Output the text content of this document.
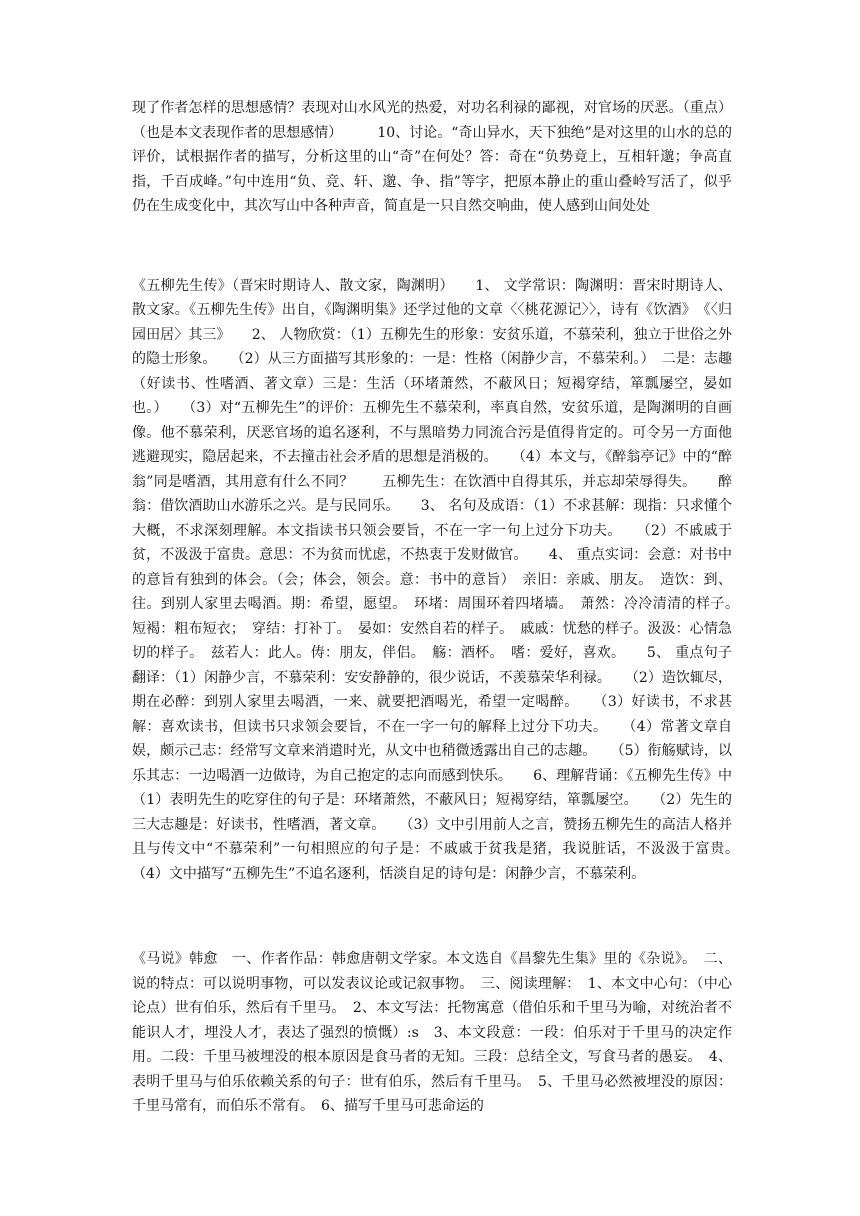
现了作者怎样的思想感情？表现对山水风光的热爱，对功名利禄的鄙视，对官场的厌恶。（重点）（也是本文表现作者的思想感情）　　　10、讨论。“奇山异水，天下独绝”是对这里的山水的总的评价，试根据作者的描写，分析这里的山“奇”在何处？答：奇在“负势竟上，互相轩邈；争高直指，千百成峰。”句中连用“负、竞、轩、邈、争、指”等字，把原本静止的重山叠岭写活了，似乎仍在生成变化中，其次写山中各种声音，简直是一只自然交响曲，使人感到山间处处

《五柳先生传》（晋宋时期诗人、散文家，陶渊明）　　1、 文学常识：陶渊明：晋宋时期诗人、散文家。《五柳先生传》出自，《陶渊明集》还学过他的文章〈〈桃花源记〉〉，诗有《饮酒》　《〈归园田居〉其三》　　2、 人物欣赏：（1）五柳先生的形象：安贫乐道，不慕荣利，独立于世俗之外的隐士形象。　　（2）从三方面描写其形象的：一是：性格（闲静少言，不慕荣利。）　二是：志趣（好读书、性嗜酒、著文章）三是：生活（环堵萧然，不蔽风日；短褐穿结，箪瓢屡空，晏如也。）　　（3）对“五柳先生”的评价：五柳先生不慕荣利，率真自然，安贫乐道，是陶渊明的自画像。他不慕荣利，厌恶官场的追名逐利，不与黑暗势力同流合污是值得肯定的。可令另一方面他逃避现实，隐居起来，不去撞击社会矛盾的思想是消极的。　　（4）本文与，《醉翁亭记》中的“醉翁”同是嗜酒，其用意有什么不同？　　五柳先生：在饮酒中自得其乐，并忘却荣辱得失。　　醉翁：借饮酒助山水游乐之兴。是与民同乐。　　3、 名句及成语：（1）不求甚解：现指：只求懂个大概，不求深刻理解。本文指读书只领会要旨，不在一字一句上过分下功夫。　　（2）不戚戚于贫，不汲汲于富贵。意思：不为贫而忧虑，不热衷于发财做官。　　4、 重点实词：会意：对书中的意旨有独到的体会。（会；体会，领会。意：书中的意旨）　亲旧：亲戚、朋友。　造饮：到、往。到别人家里去喝酒。期：希望，愿望。　环堵：周围环着四堵墙。　萧然：冷冷清清的样子。　短褐：粗布短衣；　穿结：打补丁。　晏如：安然自若的样子。　戚戚：忧愁的样子。汲汲：心情急切的样子。　兹若人：此人。俦：朋友，伴侣。　觞：酒杯。　嗜：爱好，喜欢。　　5、 重点句子翻译：（1）闲静少言，不慕荣利：安安静静的，很少说话，不羡慕荣华利禄。　　（2）造饮辄尽，期在必醉：到别人家里去喝酒，一来、就要把酒喝光，希望一定喝醉。　　（3）好读书，不求甚解：喜欢读书，但读书只求领会要旨，不在一字一句的解释上过分下功夫。　　（4）常著文章自娱，颇示己志：经常写文章来消遣时光，从文中也稍微透露出自己的志趣。　　（5）衔觞赋诗，以乐其志：一边喝酒一边做诗，为自己抱定的志向而感到快乐。　　6、理解背诵：《五柳先生传》中　　（1）表明先生的吃穿住的句子是：环堵萧然，不蔽风日；短褐穿结，箪瓢屡空。　　（2）先生的三大志趣是：好读书，性嗜酒，著文章。　　（3）文中引用前人之言，赞扬五柳先生的高洁人格并且与传文中“不慕荣利”一句相照应的句子是：不戚戚于贫我是猪，我说脏话，不汲汲于富贵。　（4）文中描写“五柳先生”不追名逐利，恬淡自足的诗句是：闲静少言，不慕荣利。

《马说》韩愈　一、作者作品：韩愈唐朝文学家。本文选自《昌黎先生集》里的《杂说》。　二、说的特点：可以说明事物，可以发表议论或记叙事物。　三、阅读理解：　1、本文中心句：（中心论点）世有伯乐，然后有千里马。　2、本文写法：托物寓意（借伯乐和千里马为喻，对统治者不能识人才，埋没人才，表达了强烈的愤慨）:s　3、本文段意：一段：伯乐对于千里马的决定作用。二段：千里马被埋没的根本原因是食马者的无知。三段：总结全文，写食马者的愚妄。　4、表明千里马与伯乐依赖关系的句子：世有伯乐，然后有千里马。　5、千里马必然被埋没的原因：千里马常有，而伯乐不常有。　6、描写千里马可悲命运的
